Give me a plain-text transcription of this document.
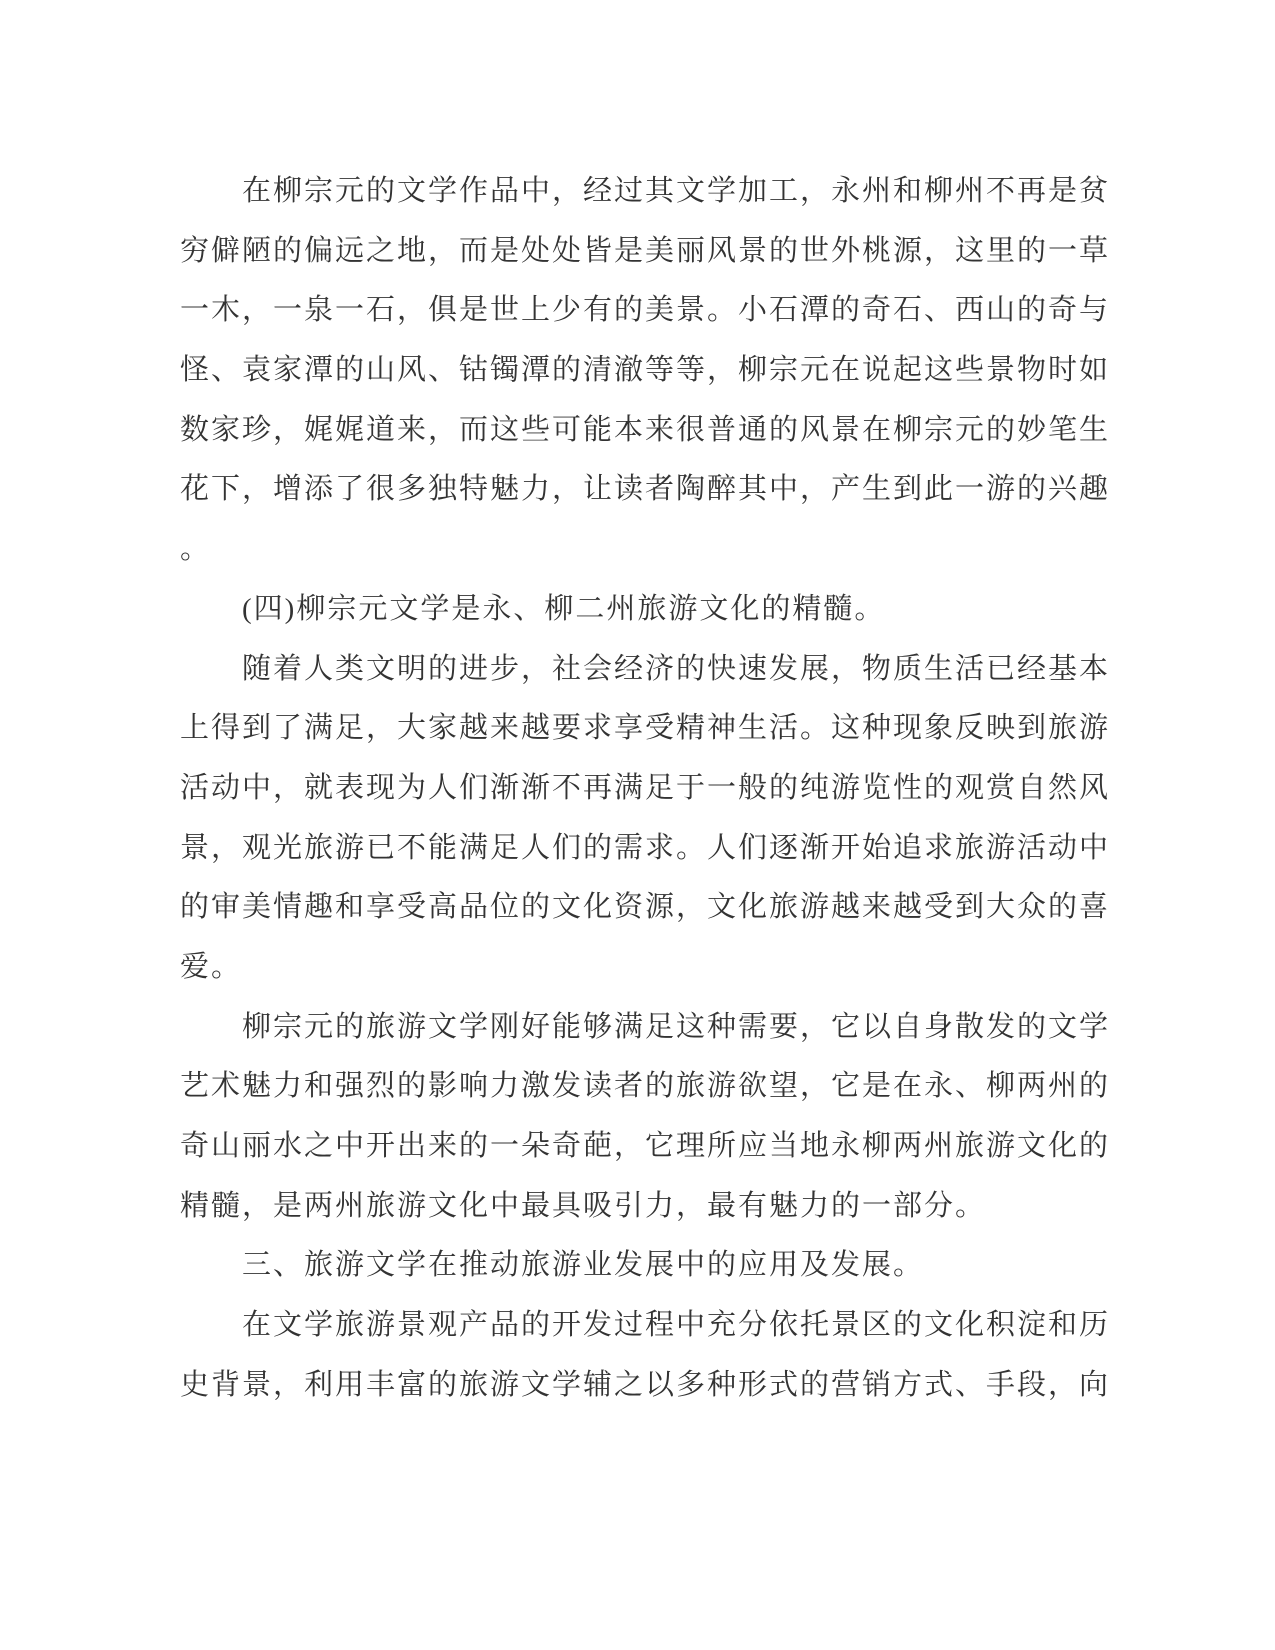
在柳宗元的文学作品中，经过其文学加工，永州和柳州不再是贫
穷僻陋的偏远之地，而是处处皆是美丽风景的世外桃源，这里的一草
一木，一泉一石，俱是世上少有的美景。小石潭的奇石、西山的奇与
怪、袁家潭的山风、钴镯潭的清澈等等，柳宗元在说起这些景物时如
数家珍，娓娓道来，而这些可能本来很普通的风景在柳宗元的妙笔生
花下，增添了很多独特魅力，让读者陶醉其中，产生到此一游的兴趣
。
(四)柳宗元文学是永、柳二州旅游文化的精髓。
随着人类文明的进步，社会经济的快速发展，物质生活已经基本
上得到了满足，大家越来越要求享受精神生活。这种现象反映到旅游
活动中，就表现为人们渐渐不再满足于一般的纯游览性的观赏自然风
景，观光旅游已不能满足人们的需求。人们逐渐开始追求旅游活动中
的审美情趣和享受高品位的文化资源，文化旅游越来越受到大众的喜
爱。
柳宗元的旅游文学刚好能够满足这种需要，它以自身散发的文学
艺术魅力和强烈的影响力激发读者的旅游欲望，它是在永、柳两州的
奇山丽水之中开出来的一朵奇葩，它理所应当地永柳两州旅游文化的
精髓，是两州旅游文化中最具吸引力，最有魅力的一部分。
三、旅游文学在推动旅游业发展中的应用及发展。
在文学旅游景观产品的开发过程中充分依托景区的文化积淀和历
史背景，利用丰富的旅游文学辅之以多种形式的营销方式、手段，向
